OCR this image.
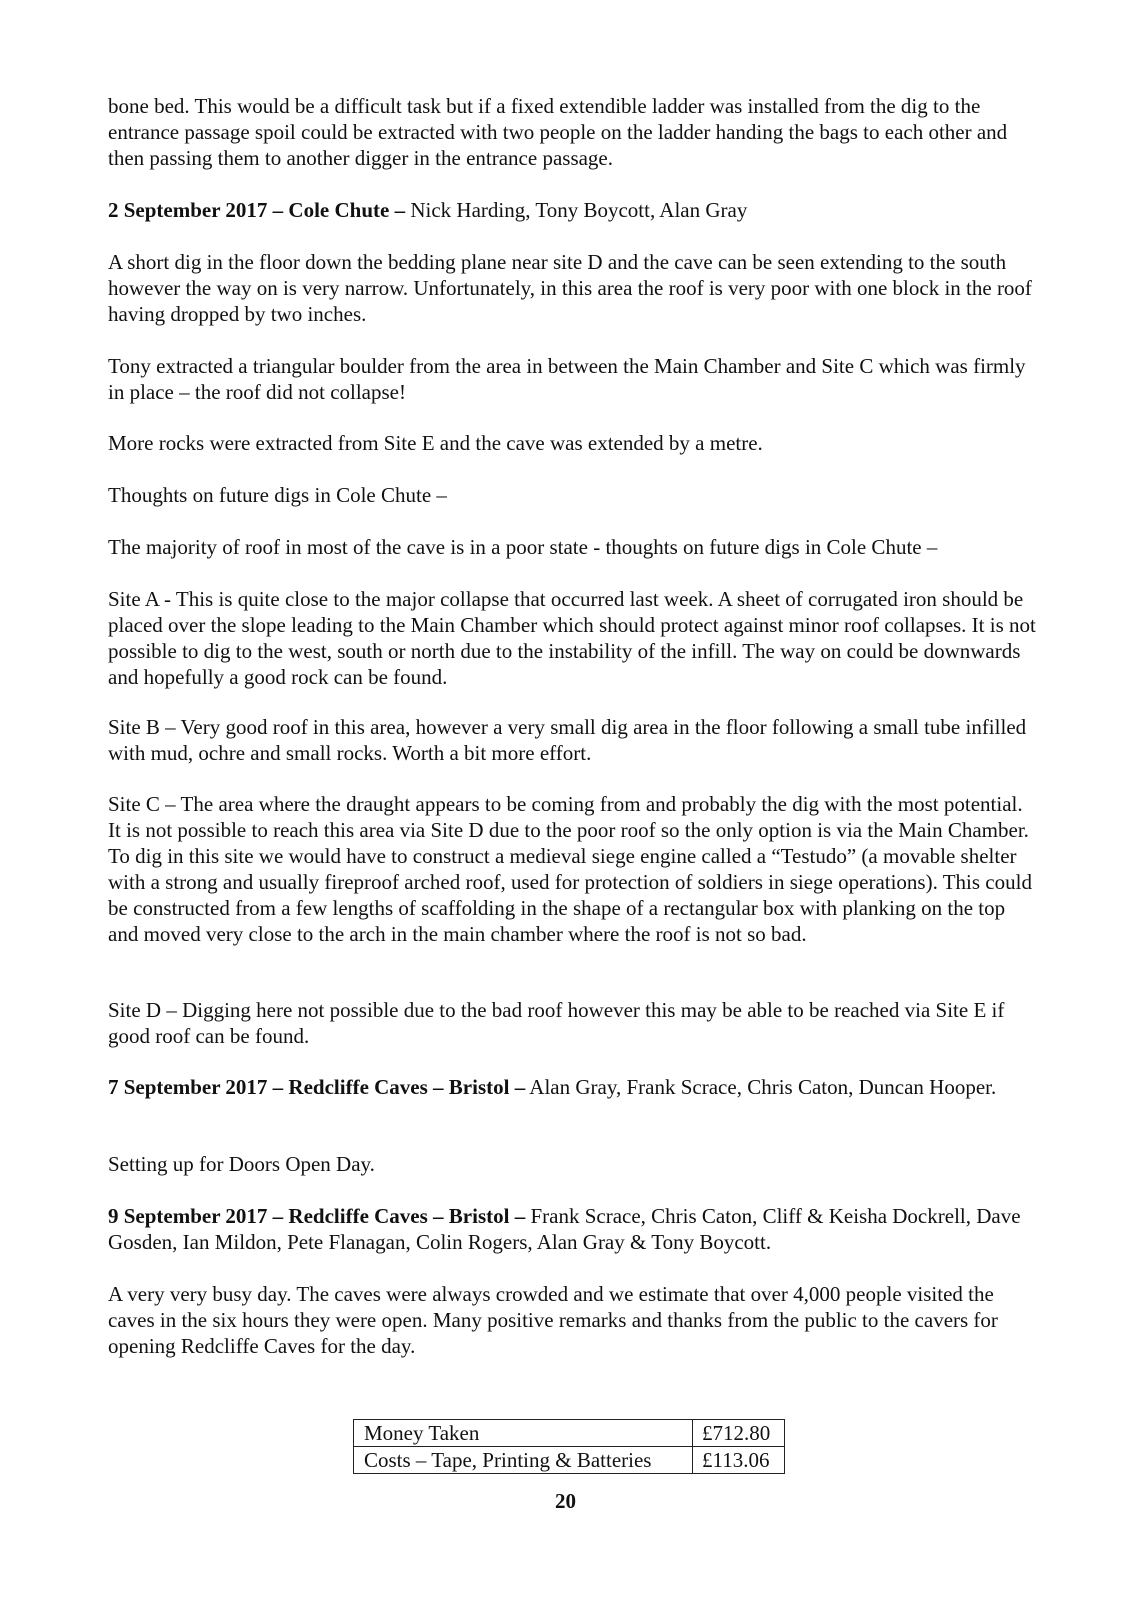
bone bed. This would be a difficult task but if a fixed extendible ladder was installed from the dig to the entrance passage spoil could be extracted with two people on the ladder handing the bags to each other and then passing them to another digger in the entrance passage.

2 September 2017 – Cole Chute – Nick Harding, Tony Boycott, Alan Gray

A short dig in the floor down the bedding plane near site D and the cave can be seen extending to the south however the way on is very narrow. Unfortunately, in this area the roof is very poor with one block in the roof having dropped by two inches.

Tony extracted a triangular boulder from the area in between the Main Chamber and Site C which was firmly in place – the roof did not collapse!

More rocks were extracted from Site E and the cave was extended by a metre.

Thoughts on future digs in Cole Chute –

The majority of roof in most of the cave is in a poor state - thoughts on future digs in Cole Chute –

Site A - This is quite close to the major collapse that occurred last week. A sheet of corrugated iron should be placed over the slope leading to the Main Chamber which should protect against minor roof collapses. It is not possible to dig to the west, south or north due to the instability of the infill. The way on could be downwards and hopefully a good rock can be found.

Site B – Very good roof in this area, however a very small dig area in the floor following a small tube infilled with mud, ochre and small rocks. Worth a bit more effort.

Site C – The area where the draught appears to be coming from and probably the dig with the most potential. It is not possible to reach this area via Site D due to the poor roof so the only option is via the Main Chamber. To dig in this site we would have to construct a medieval siege engine called a “Testudo” (a movable shelter with a strong and usually fireproof arched roof, used for protection of soldiers in siege operations). This could be constructed from a few lengths of scaffolding in the shape of a rectangular box with planking on the top and moved very close to the arch in the main chamber where the roof is not so bad.

Site D – Digging here not possible due to the bad roof however this may be able to be reached via Site E if good roof can be found.

7 September 2017 – Redcliffe Caves – Bristol – Alan Gray, Frank Scrace, Chris Caton, Duncan Hooper.

Setting up for Doors Open Day.

9 September 2017 – Redcliffe Caves – Bristol – Frank Scrace, Chris Caton, Cliff & Keisha Dockrell, Dave Gosden, Ian Mildon, Pete Flanagan, Colin Rogers, Alan Gray & Tony Boycott.

A very very busy day. The caves were always crowded and we estimate that over 4,000 people visited the caves in the six hours they were open. Many positive remarks and thanks from the public to the cavers for opening Redcliffe Caves for the day.

Money Taken	£712.80
Costs – Tape, Printing & Batteries	£113.06
20
